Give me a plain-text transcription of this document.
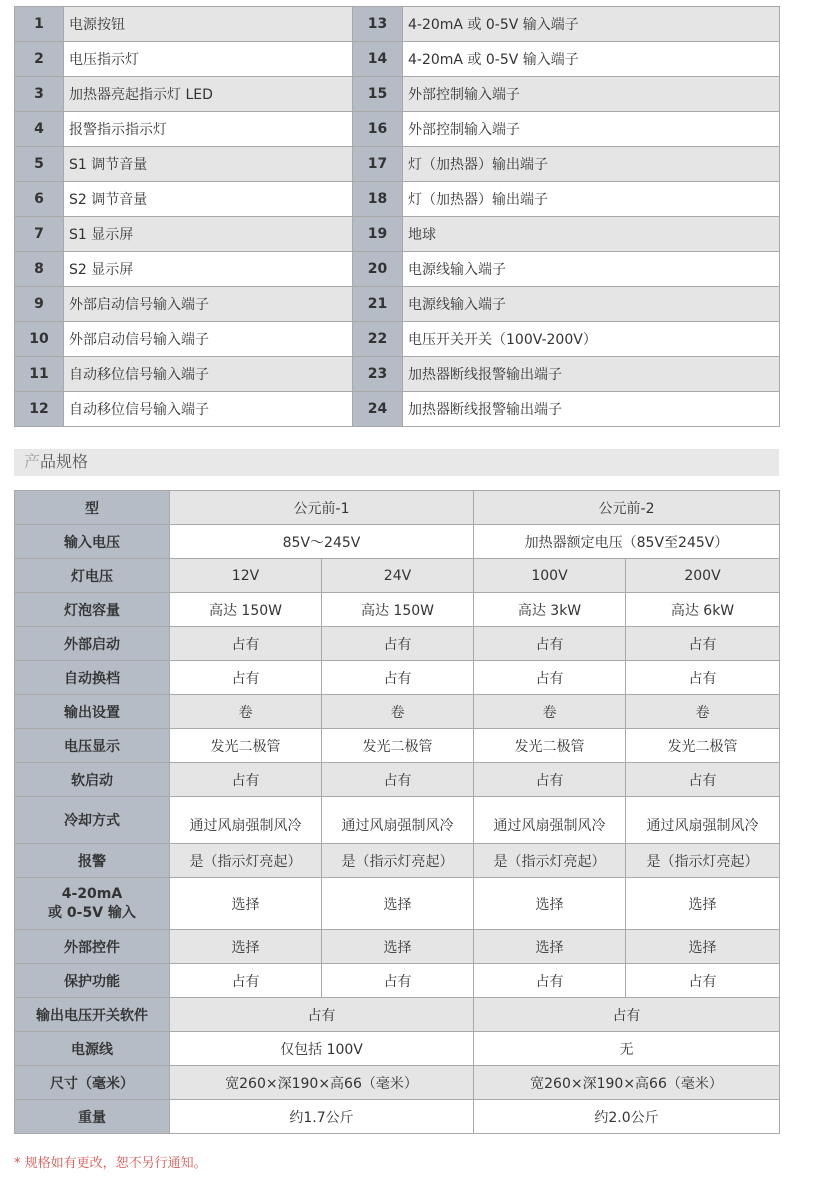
1	电源按钮	13	4-20mA 或 0-5V 输入端子
2	电压指示灯	14	4-20mA 或 0-5V 输入端子
3	加热器亮起指示灯 LED	15	外部控制输入端子
4	报警指示指示灯	16	外部控制输入端子
5	S1 调节音量	17	灯（加热器）输出端子
6	S2 调节音量	18	灯（加热器）输出端子
7	S1 显示屏	19	地球
8	S2 显示屏	20	电源线输入端子
9	外部启动信号输入端子	21	电源线输入端子
10	外部启动信号输入端子	22	电压开关开关（100V-200V）
11	自动移位信号输入端子	23	加热器断线报警输出端子
12	自动移位信号输入端子	24	加热器断线报警输出端子
产品规格
型	公元前-1		公元前-2	
输入电压	85V～245V		加热器额定电压（85V至245V）	
灯电压	12V	24V	100V	200V
灯泡容量	高达 150W	高达 150W	高达 3kW	高达 6kW
外部启动	占有	占有	占有	占有
自动换档	占有	占有	占有	占有
输出设置	卷	卷	卷	卷
电压显示	发光二极管	发光二极管	发光二极管	发光二极管
软启动	占有	占有	占有	占有
冷却方式	通过风扇强制风冷	通过风扇强制风冷	通过风扇强制风冷	通过风扇强制风冷
报警	是（指示灯亮起）	是（指示灯亮起）	是（指示灯亮起）	是（指示灯亮起）

4-20mA
或 0-5V 输入	选择	选择	选择	选择
外部控件	选择	选择	选择	选择
保护功能	占有	占有	占有	占有
输出电压开关软件	占有		占有	
电源线	仅包括 100V		无	
尺寸（毫米）	宽260×深190×高66（毫米）		宽260×深190×高66（毫米）	
重量	约1.7公斤		约2.0公斤	
* 规格如有更改，恕不另行通知。
